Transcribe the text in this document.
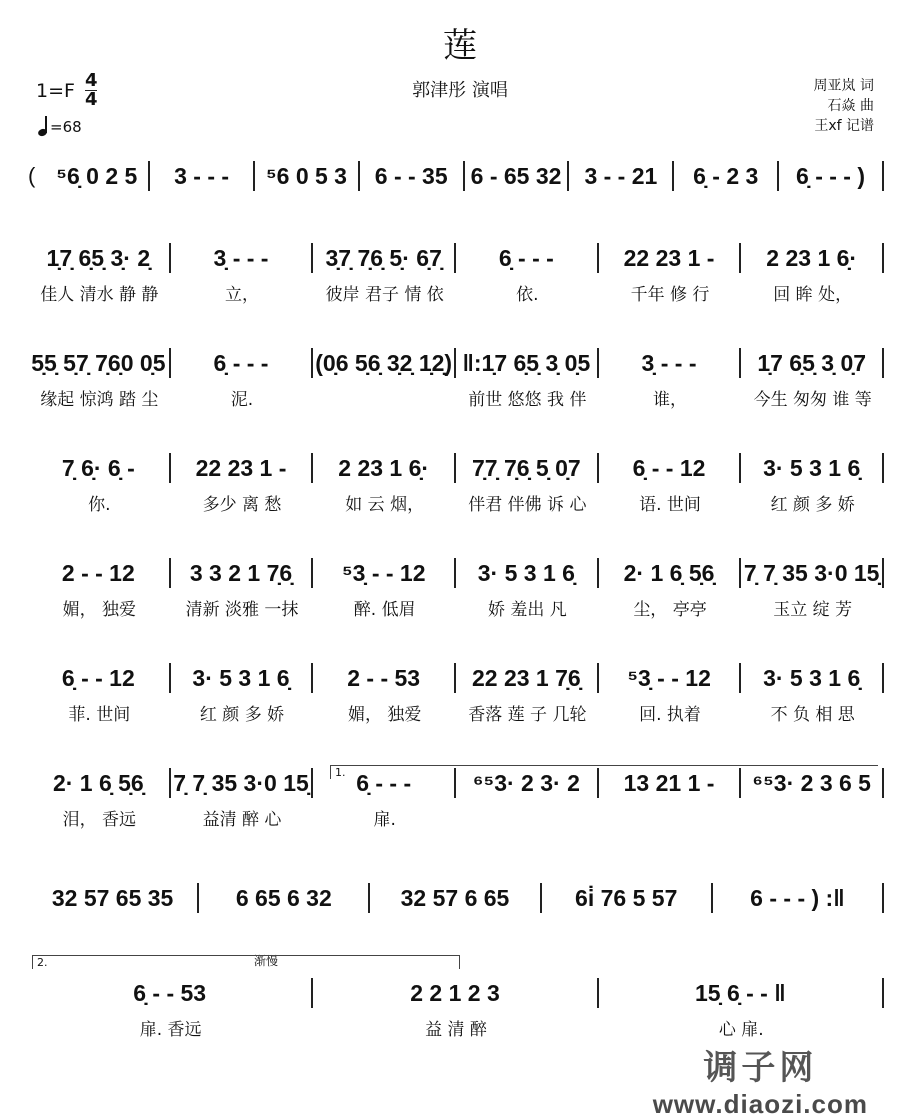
莲
1=F 4
4
=68
郭津彤 演唱	周亚岚 词
石焱 曲
王xf 记谱
( ⁵6̣ 0 2 5	3 - - -	⁵6 0 5 3	6 - - 35	6 - 65 32 3 - - 21	6̣ - 2 3	6̣ - - - )
1̣7̣ 6̣5̣ 3̣· 2̣	3̣ - - -	3̣7̣ 7̣6̣ 5̣· 6̣7̣	6̣ - - -	22 23 1 -	2 23 1 6̣·
佳人 清水 静 静	立，	彼岸 君子 情 依	依.	千年 修 行	回 眸 处，
5̣5̣ 5̣7̣ 7̣6̣0 0̣5	6̣ - - -	(0̣6 5̣6̣ 3̣2̣ 1̣2̣) ‖:1̣7 6̣5̣ 3̣ 0̣5	3̣ - - -	1̣7 6̣5̣ 3̣ 0̣7
缘起 惊鸿 踏 尘	泥.	前世 悠悠 我 伴	谁，	今生 匆匆 谁 等
7̣ 6̣· 6̣ -	22 23 1 -	2 23 1 6̣·	7̣7̣ 7̣6̣ 5̣ 0̣7	6̣ - - 12	3· 5 3 1 6̣
你.	多少 离 愁	如 云 烟，	伴君 伴佛 诉 心	语. 世间	红 颜 多 娇
2 - - 12	3 3 2 1 7̣6̣	⁵3̣ - - 12	3· 5 3 1 6̣	2· 1 6̣ 5̣6̣	7̣ 7̣ 35 3·0 15̣
媚， 独爱	清新 淡雅 一抹	醉. 低眉	娇 羞出 凡	尘， 亭亭	玉立 绽 芳
6̣ - - 12	3· 5 3 1 6̣	2 - - 53	22 23 1 7̣6̣	⁵3̣ - - 12	3· 5 3 1 6̣
菲. 世间	红 颜 多 娇	媚， 独爱	香落 莲 子 几轮	回. 执着	不 负 相 思
2· 1 6̣ 5̣6̣	7̣ 7̣ 35 3·0 15̣	6̣ - - -	⁶⁵3· 2 3· 2	13 21 1 -	⁶⁵3· 2 3 6 5
泪， 香远	益清 醉 心	扉.
32 57 65 35	6 65 6 32	32 57 6 65	6i̇ 76 5 57	6 - - - ) :‖
6̣ - - 53	2 2 1 2 3	15̣ 6̣ - - ‖
扉. 香远	益 清 醉	心 扉.
渐慢
调子网
www.diaozi.com
1.
2.
